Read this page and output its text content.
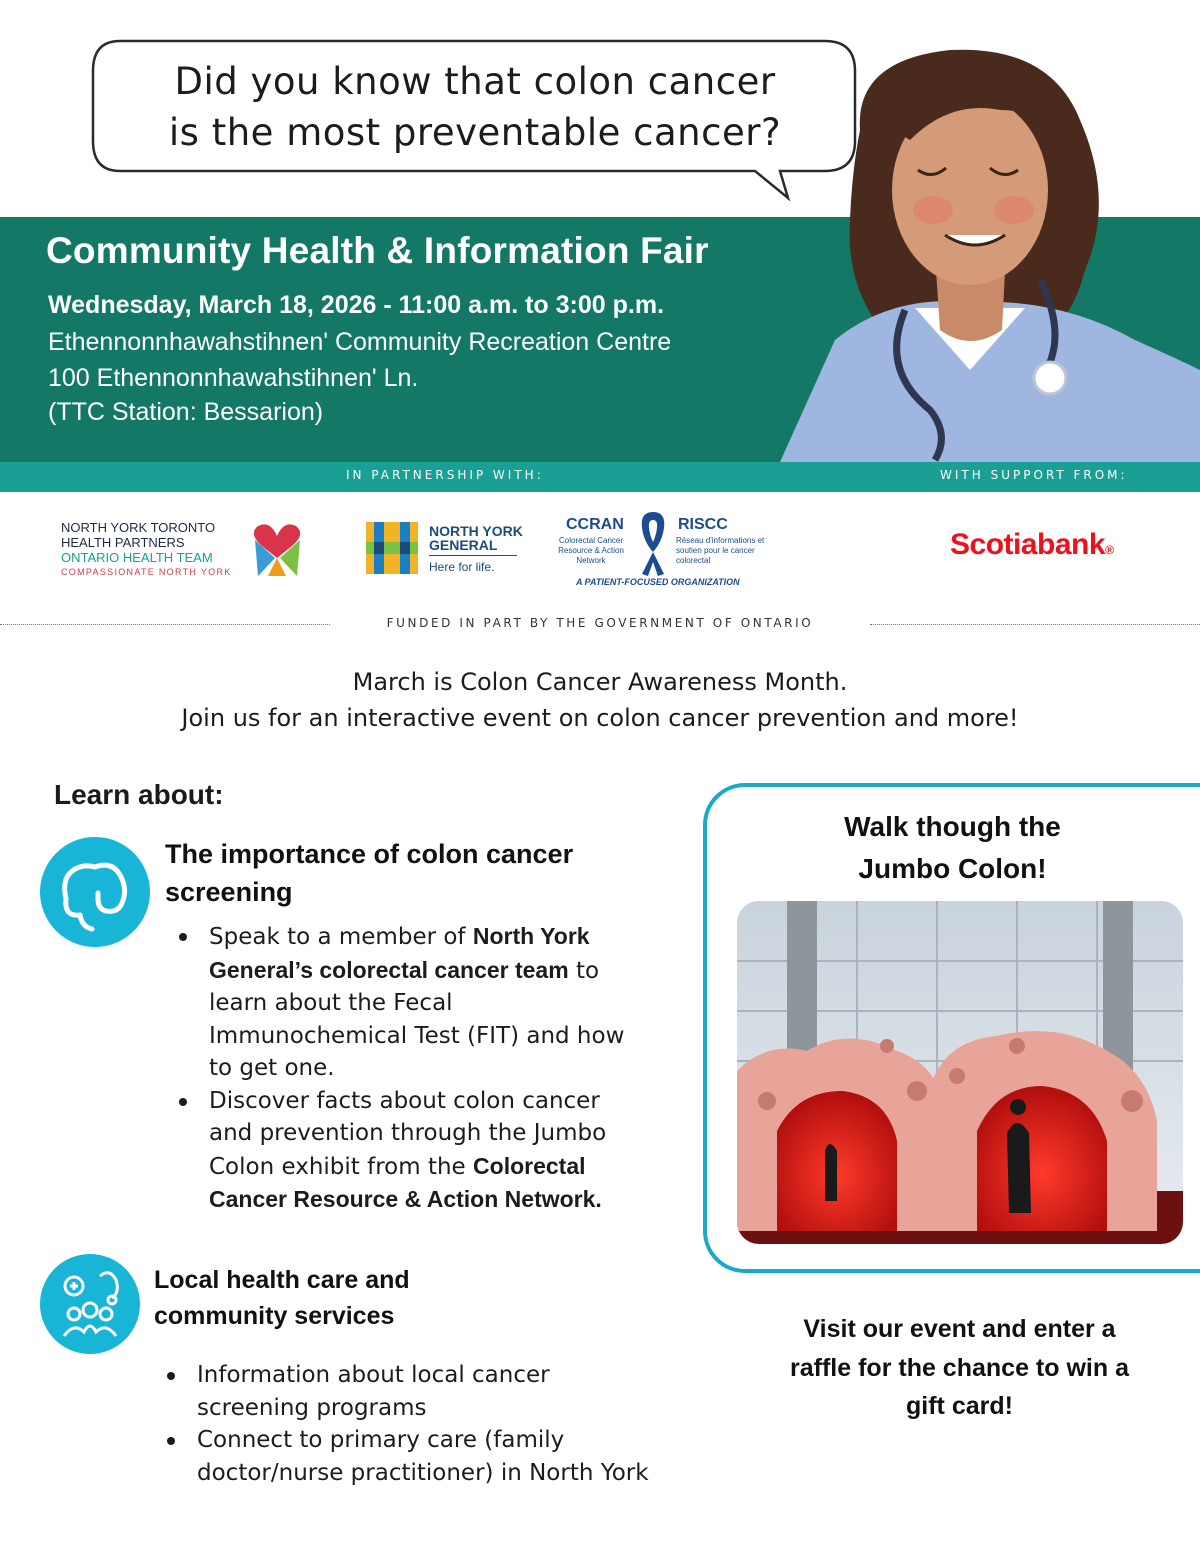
Did you know that colon cancer
is the most preventable cancer?
Community Health & Information Fair
Wednesday, March 18, 2026 - 11:00 a.m. to 3:00 p.m.
Ethennonnhawahstihnen' Community Recreation Centre
100 Ethennonnhawahstihnen' Ln.
(TTC Station: Bessarion)
IN PARTNERSHIP WITH:	WITH SUPPORT FROM:
NORTH YORK TORONTO
HEALTH PARTNERS
ONTARIO HEALTH TEAM
COMPASSIONATE NORTH YORK
NORTH YORK
GENERAL
Here for life.
CCRAN	RISCC
Colorectal Cancer Resource & Action Network
Réseau d'informations et soutien pour le cancer colorectal
A PATIENT-FOCUSED ORGANIZATION
Scotiabank®
FUNDED IN PART BY THE GOVERNMENT OF ONTARIO
March is Colon Cancer Awareness Month.
Join us for an interactive event on colon cancer prevention and more!
Learn about:
The importance of colon cancer
screening
Speak to a member of North York
General’s colorectal cancer team to
learn about the Fecal
Immunochemical Test (FIT) and how
to get one.
Discover facts about colon cancer
and prevention through the Jumbo
Colon exhibit from the Colorectal
Cancer Resource & Action Network.
Local health care and
community services
Information about local cancer
screening programs
Connect to primary care (family
doctor/nurse practitioner) in North York
Walk though the
Jumbo Colon!
Visit our event and enter a
raffle for the chance to win a
gift card!
